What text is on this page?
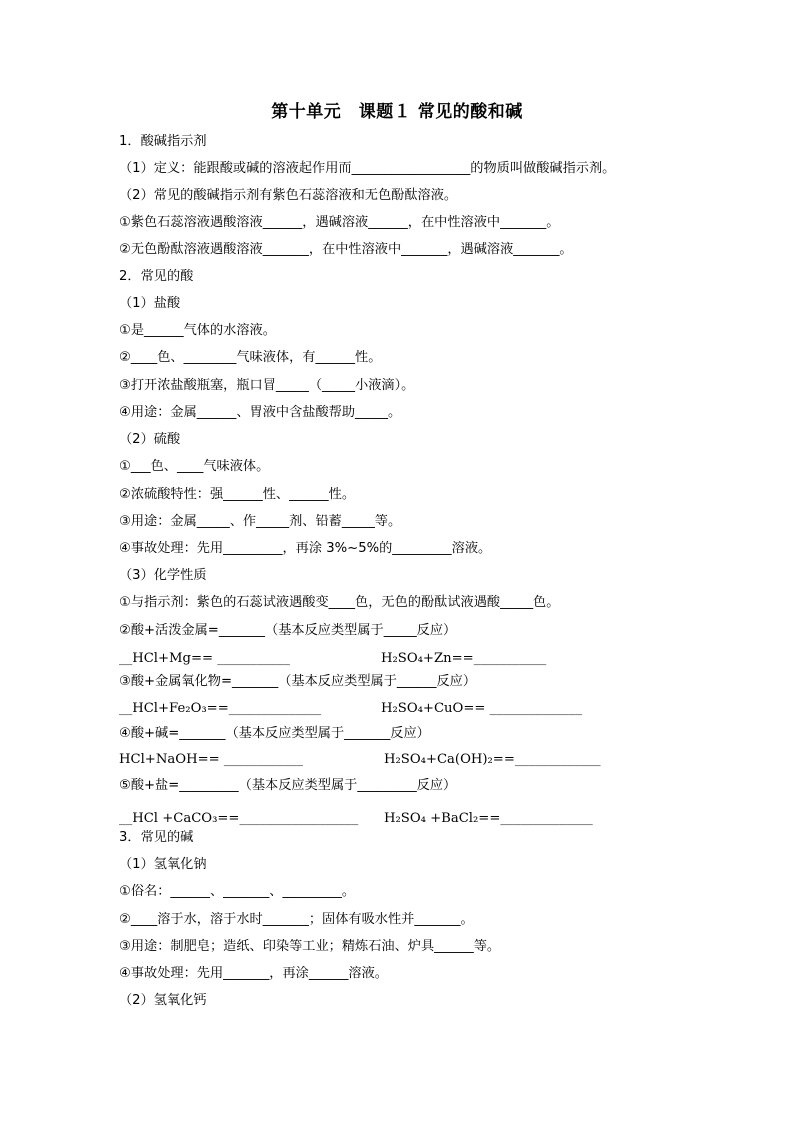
第十单元　课题１ 常见的酸和碱
1．酸碱指示剂
（1）定义：能跟酸或碱的溶液起作用而__________________的物质叫做酸碱指示剂。
（2）常见的酸碱指示剂有紫色石蕊溶液和无色酚酞溶液。
①紫色石蕊溶液遇酸溶液______，遇碱溶液______，在中性溶液中_______。
②无色酚酞溶液遇酸溶液_______，在中性溶液中_______，遇碱溶液_______。
2．常见的酸
（1）盐酸
①是______气体的水溶液。
②____色、________气味液体，有______性。
③打开浓盐酸瓶塞，瓶口冒_____（_____小液滴）。
④用途：金属______、胃液中含盐酸帮助_____。
（2）硫酸
①___色、____气味液体。
②浓硫酸特性：强______性、______性。
③用途：金属_____、作_____剂、铅蓄_____等。
④事故处理：先用_________，再涂 3%~5%的_________溶液。
（3）化学性质
①与指示剂：紫色的石蕊试液遇酸变____色，无色的酚酞试液遇酸_____色。
②酸+活泼金属=_______（基本反应类型属于_____反应）
__HCl+Mg== ___________	H₂SO₄+Zn==___________
③酸+金属氧化物=_______（基本反应类型属于______反应）
__HCl+Fe₂O₃==______________	H₂SO₄+CuO== ______________
④酸+碱=_______（基本反应类型属于_______反应）
HCl+NaOH== ____________	H₂SO₄+Ca(OH)₂==_____________
⑤酸+盐=_________（基本反应类型属于_________反应）
__HCl +CaCO₃==__________________ H₂SO₄ +BaCl₂==______________
3．常见的碱
（1）氢氧化钠
①俗名：______、_______、_________。
②____溶于水，溶于水时_______；固体有吸水性并_______。
③用途：制肥皂；造纸、印染等工业；精炼石油、炉具______等。
④事故处理：先用_______，再涂______溶液。
（2）氢氧化钙
